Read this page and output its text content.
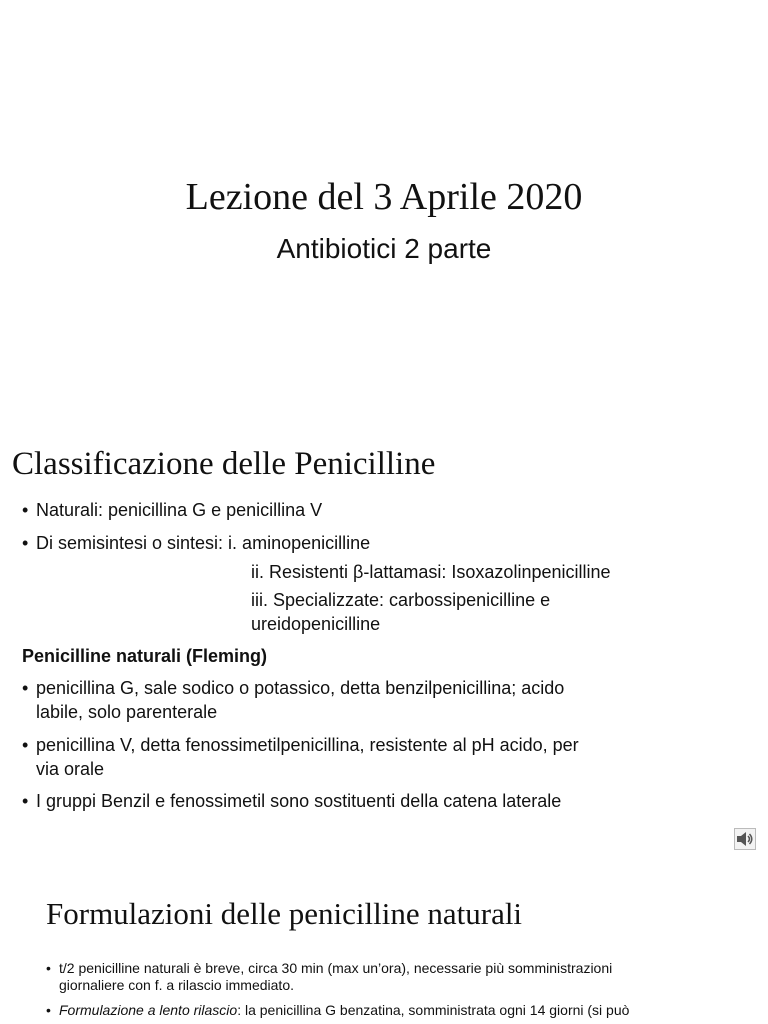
Lezione del 3 Aprile 2020
Antibiotici 2 parte
Classificazione delle Penicilline
• Naturali: penicillina G e penicillina V
• Di semisintesi o sintesi: i. aminopenicilline
ii. Resistenti β-lattamasi: Isoxazolinpenicilline
iii. Specializzate: carbossipenicilline e
ureidopenicilline
Penicilline naturali (Fleming)
• penicillina G, sale sodico o potassico, detta benzilpenicillina; acido
labile, solo parenterale
• penicillina V, detta fenossimetilpenicillina, resistente al pH acido, per
via orale
• I gruppi Benzil e fenossimetil sono sostituenti della catena laterale
Formulazioni delle penicilline naturali
• t/2 penicilline naturali è breve, circa 30 min (max un’ora), necessarie più somministrazioni
giornaliere con f. a rilascio immediato.
• Formulazione a lento rilascio: la penicillina G benzatina, somministrata ogni 14 giorni (si può
